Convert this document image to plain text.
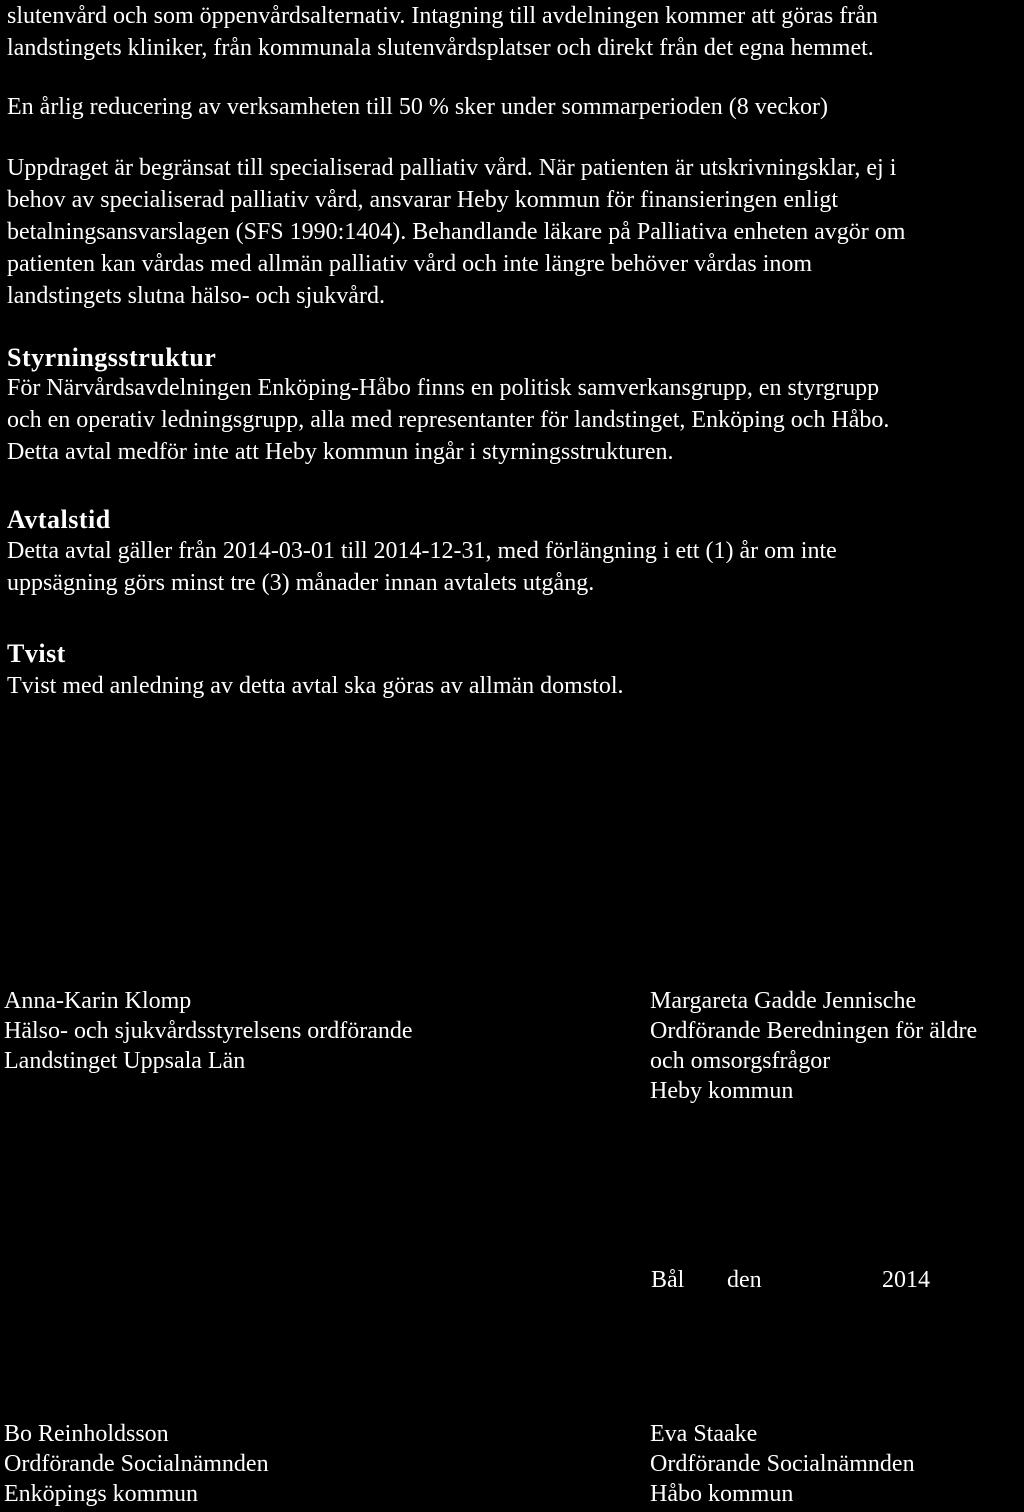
slutenvård och som öppenvårdsalternativ. Intagning till avdelningen kommer att göras från
landstingets kliniker, från kommunala slutenvårdsplatser och direkt från det egna hemmet.

En årlig reducering av verksamheten till 50 % sker under sommarperioden (8 veckor)

Uppdraget är begränsat till specialiserad palliativ vård. När patienten är utskrivningsklar, ej i
behov av specialiserad palliativ vård, ansvarar Heby kommun för finansieringen enligt
betalningsansvarslagen (SFS 1990:1404). Behandlande läkare på Palliativa enheten avgör om
patienten kan vårdas med allmän palliativ vård och inte längre behöver vårdas inom
landstingets slutna hälso- och sjukvård.

Styrningsstruktur

För Närvårdsavdelningen Enköping-Håbo finns en politisk samverkansgrupp, en styrgrupp
och en operativ ledningsgrupp, alla med representanter för landstinget, Enköping och Håbo.
Detta avtal medför inte att Heby kommun ingår i styrningsstrukturen.

Avtalstid

Detta avtal gäller från 2014-03-01 till 2014-12-31, med förlängning i ett (1) år om inte
uppsägning görs minst tre (3) månader innan avtalets utgång.

Tvist

Tvist med anledning av detta avtal ska göras av allmän domstol.

Anna-Karin Klomp
Hälso- och sjukvårdsstyrelsens ordförande
Landstinget Uppsala Län
Margareta Gadde Jennische
Ordförande Beredningen för äldre
och omsorgsfrågor
Heby kommun
Bål den	2014
Bo Reinholdsson
Ordförande Socialnämnden
Enköpings kommun
Eva Staake
Ordförande Socialnämnden
Håbo kommun
